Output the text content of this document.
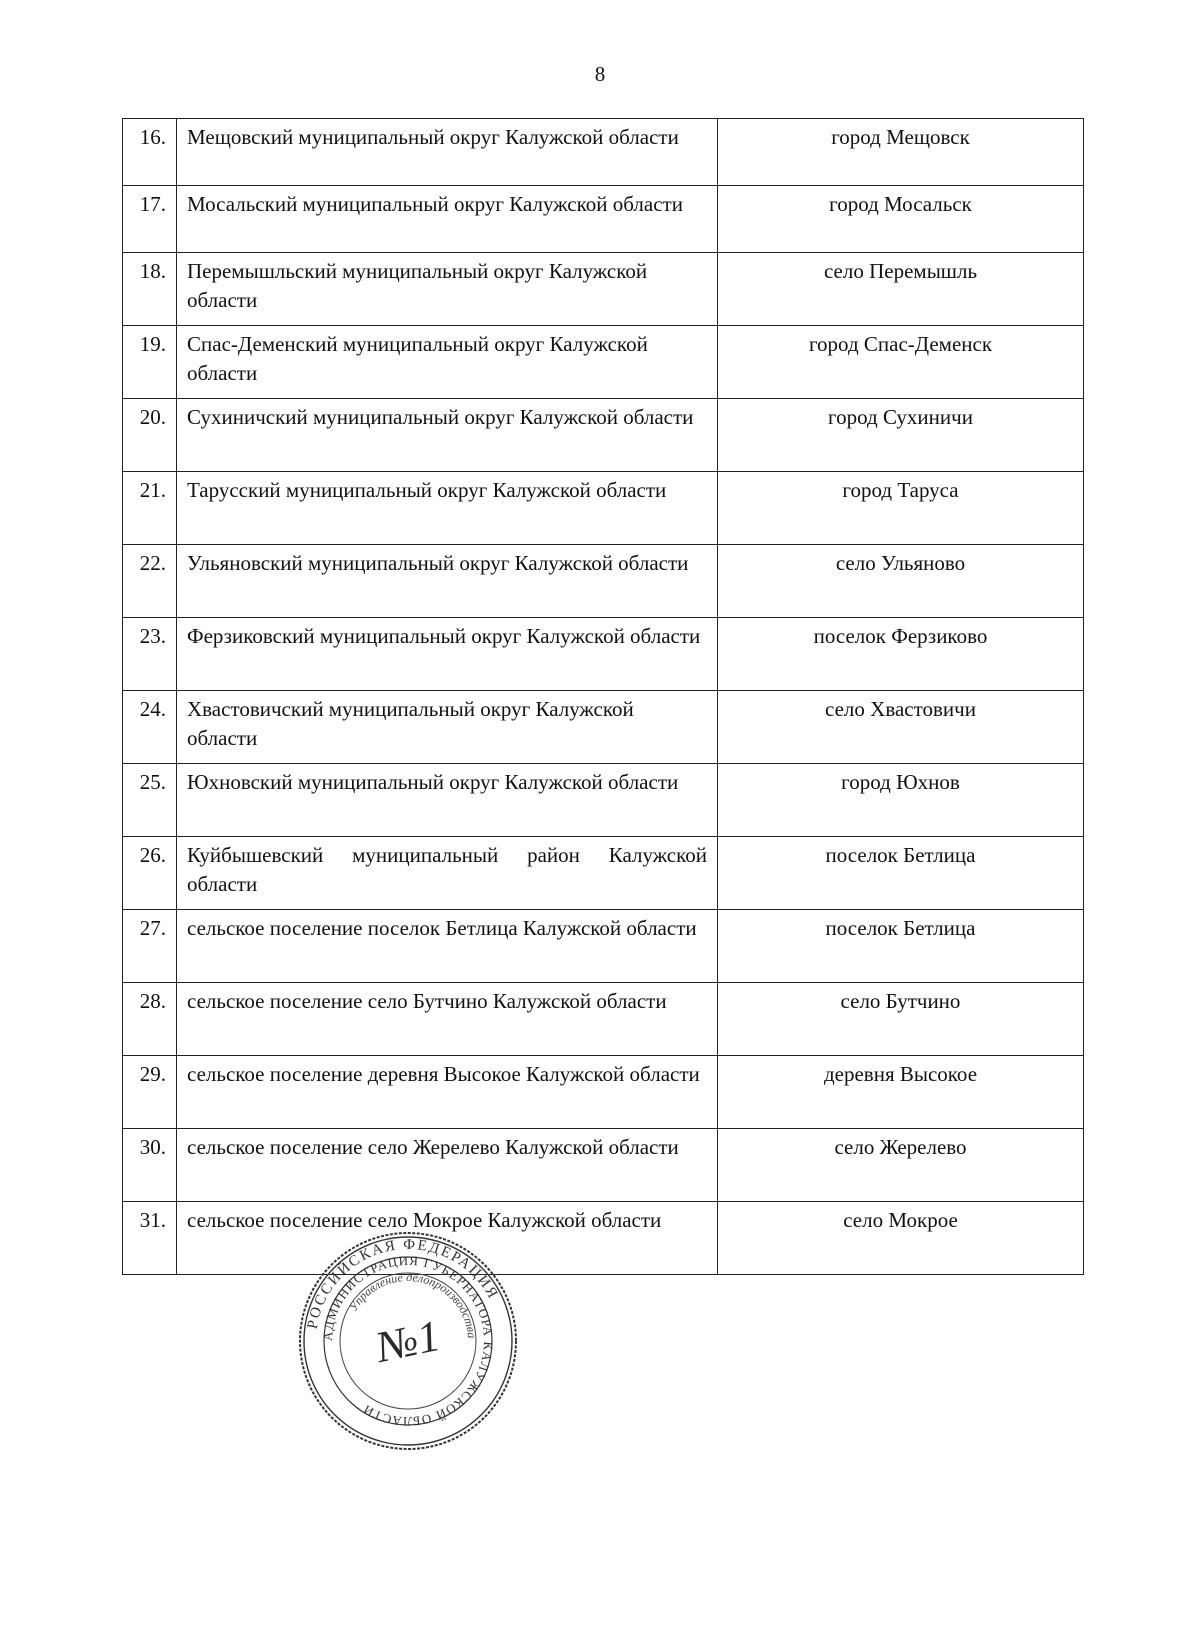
8
16.	Мещовский муниципальный округ Калужской области	город Мещовск
17.	Мосальский муниципальный округ Калужской области	город Мосальск
18.	Перемышльский муниципальный округ Калужской области	село Перемышль
19.	Спас-Деменский муниципальный округ Калужской области	город Спас-Деменск
20.	Сухиничский муниципальный округ Калужской области	город Сухиничи
21.	Тарусский муниципальный округ Калужской области	город Таруса
22.	Ульяновский муниципальный округ Калужской области	село Ульяново
23.	Ферзиковский муниципальный округ Калужской области	поселок Ферзиково
24.	Хвастовичский муниципальный округ Калужской области	село Хвастовичи
25.	Юхновский муниципальный округ Калужской области	город Юхнов
26.	Куйбышевский муниципальный район Калужской области	поселок Бетлица
27.	сельское поселение поселок Бетлица Калужской области	поселок Бетлица
28.	сельское поселение село Бутчино Калужской области	село Бутчино
29.	сельское поселение деревня Высокое Калужской области	деревня Высокое
30.	сельское поселение село Жерелево Калужской области	село Жерелево
31.	сельское поселение село Мокрое Калужской области	село Мокрое
РОССИЙСКАЯ ФЕДЕРАЦИЯ
АДМИНИСТРАЦИЯ ГУБЕРНАТОРА КАЛУЖСКОЙ ОБЛАСТИ
Управление делопроизводства
№1
